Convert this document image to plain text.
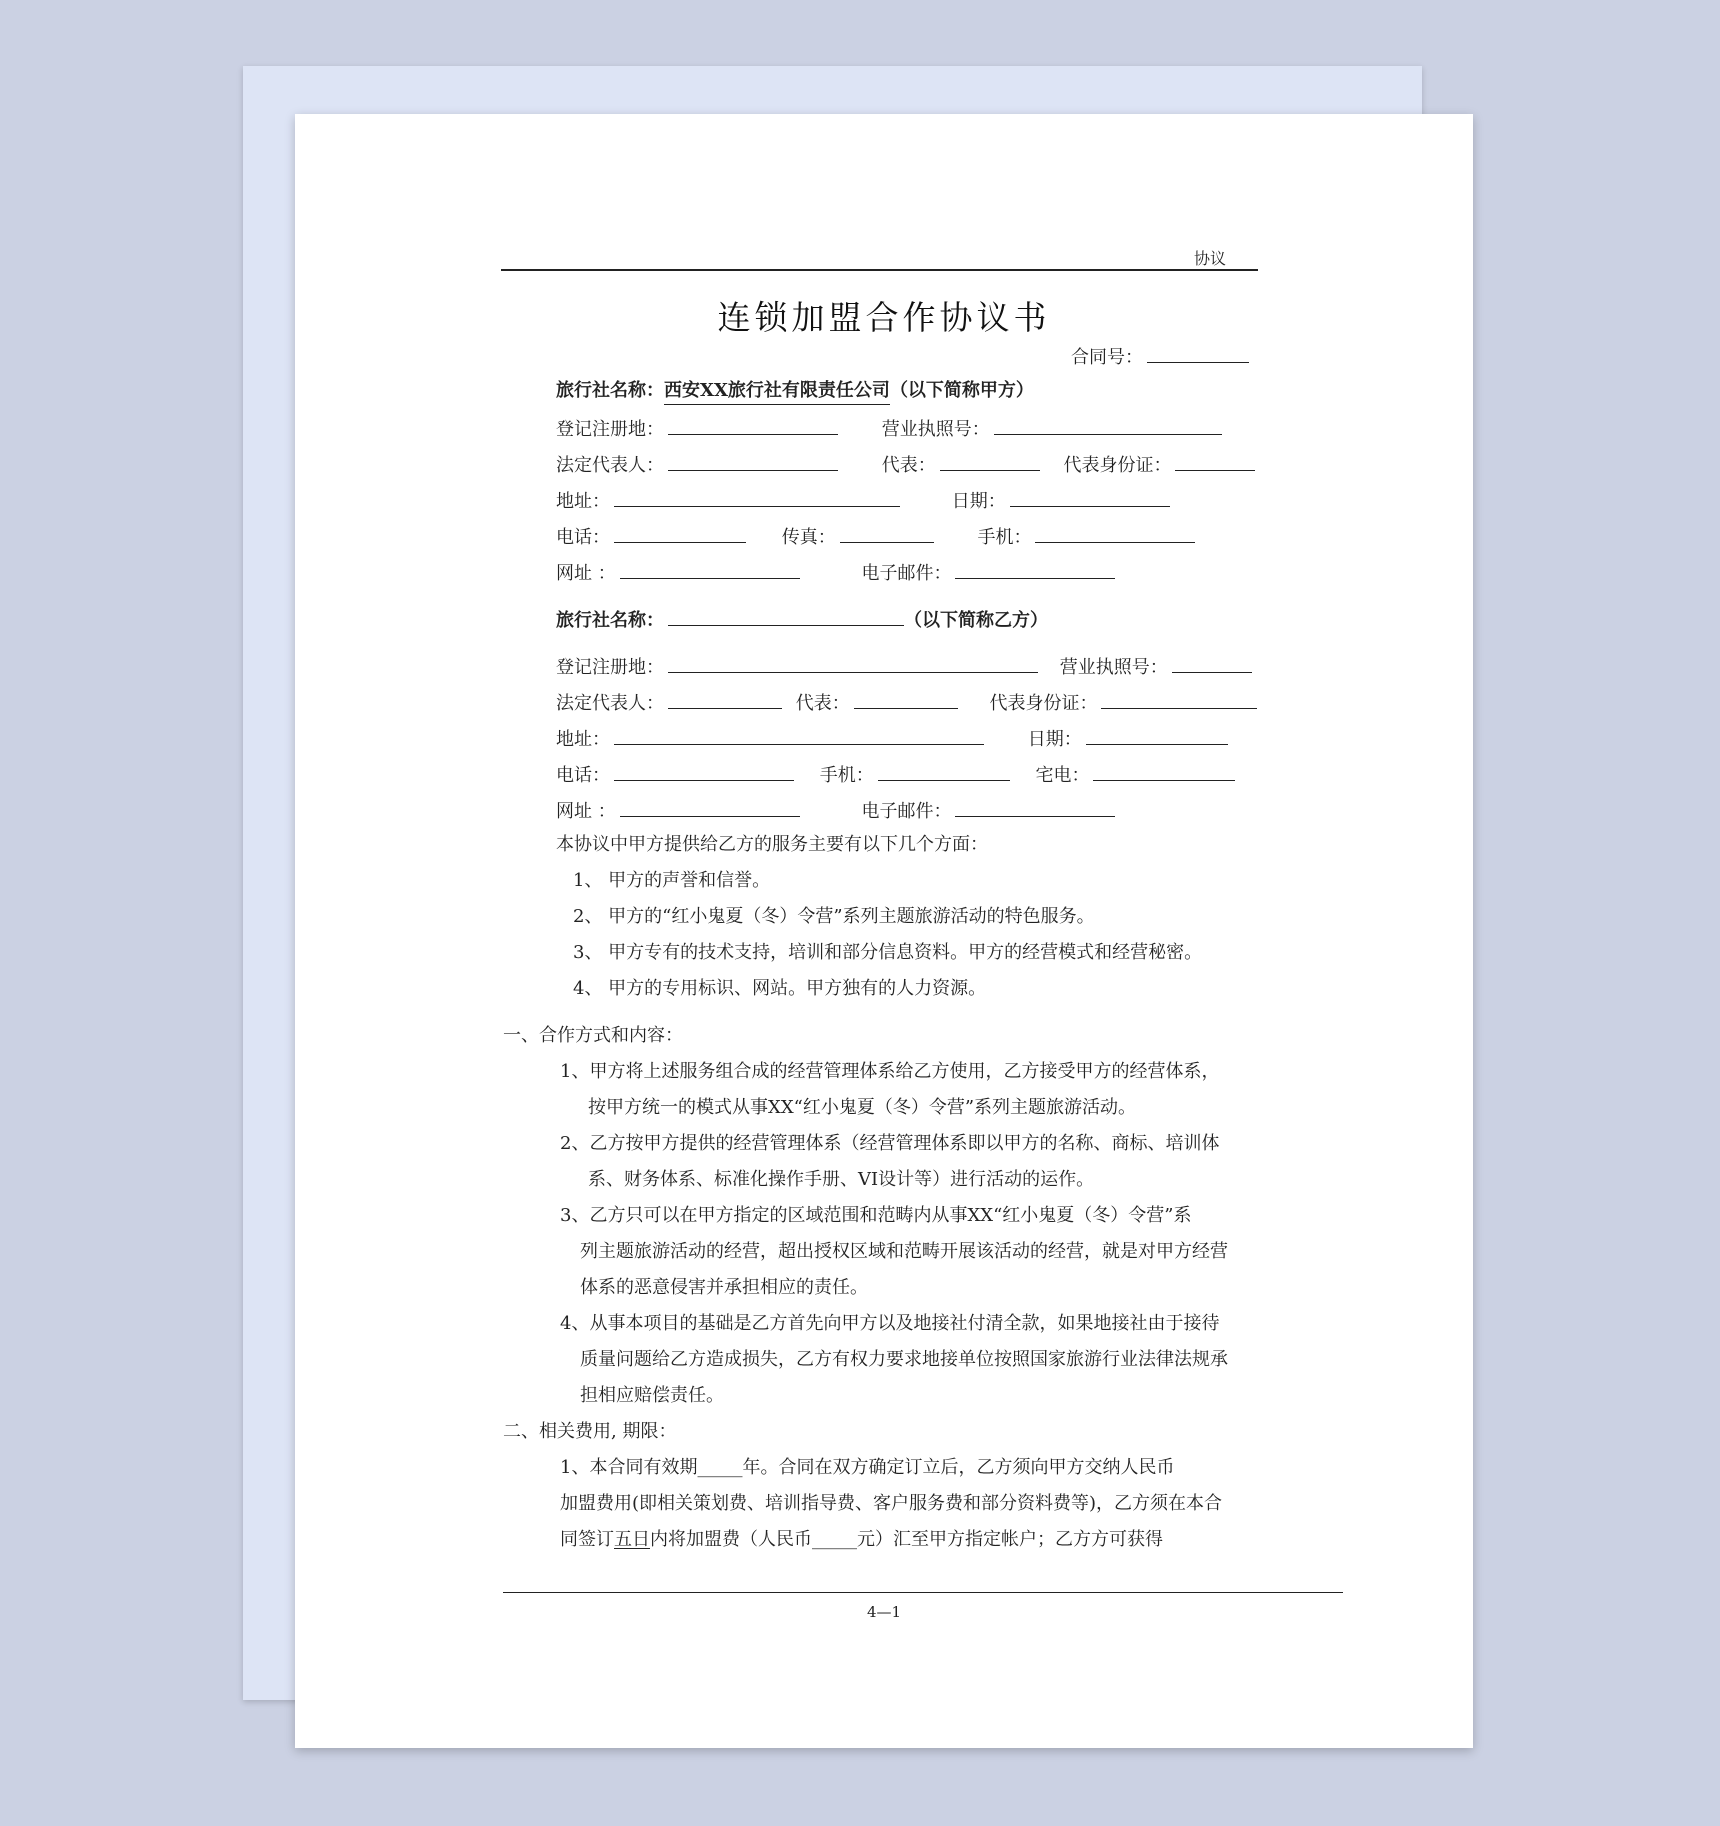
协议
连锁加盟合作协议书
合同号：
旅行社名称：西安XX旅行社有限责任公司（以下简称甲方）
登记注册地：	营业执照号：
法定代表人：	代表：	代表身份证：
地址：	日期：
电话：	传真：	手机：
网址 ：	电子邮件：
旅行社名称：	（以下简称乙方）
登记注册地：	营业执照号：
法定代表人：	代表：	代表身份证：
地址：	日期：
电话：	手机：	宅电：
网址 ：	电子邮件：
本协议中甲方提供给乙方的服务主要有以下几个方面：
1、 甲方的声誉和信誉。
2、 甲方的“红小鬼夏（冬）令营”系列主题旅游活动的特色服务。
3、 甲方专有的技术支持，培训和部分信息资料。甲方的经营模式和经营秘密。
4、 甲方的专用标识、网站。甲方独有的人力资源。
一、合作方式和内容：
1、甲方将上述服务组合成的经营管理体系给乙方使用，乙方接受甲方的经营体系，
按甲方统一的模式从事XX“红小鬼夏（冬）令营”系列主题旅游活动。
2、乙方按甲方提供的经营管理体系（经营管理体系即以甲方的名称、商标、培训体
系、财务体系、标准化操作手册、VI设计等）进行活动的运作。
3、乙方只可以在甲方指定的区域范围和范畴内从事XX“红小鬼夏（冬）令营”系
列主题旅游活动的经营，超出授权区域和范畴开展该活动的经营，就是对甲方经营
体系的恶意侵害并承担相应的责任。
4、从事本项目的基础是乙方首先向甲方以及地接社付清全款，如果地接社由于接待
质量问题给乙方造成损失，乙方有权力要求地接单位按照国家旅游行业法律法规承
担相应赔偿责任。
二、相关费用, 期限：
1、本合同有效期_____年。合同在双方确定订立后，乙方须向甲方交纳人民币
加盟费用(即相关策划费、培训指导费、客户服务费和部分资料费等)，乙方须在本合
同签订五日内将加盟费（人民币_____元）汇至甲方指定帐户；乙方方可获得
4—1
